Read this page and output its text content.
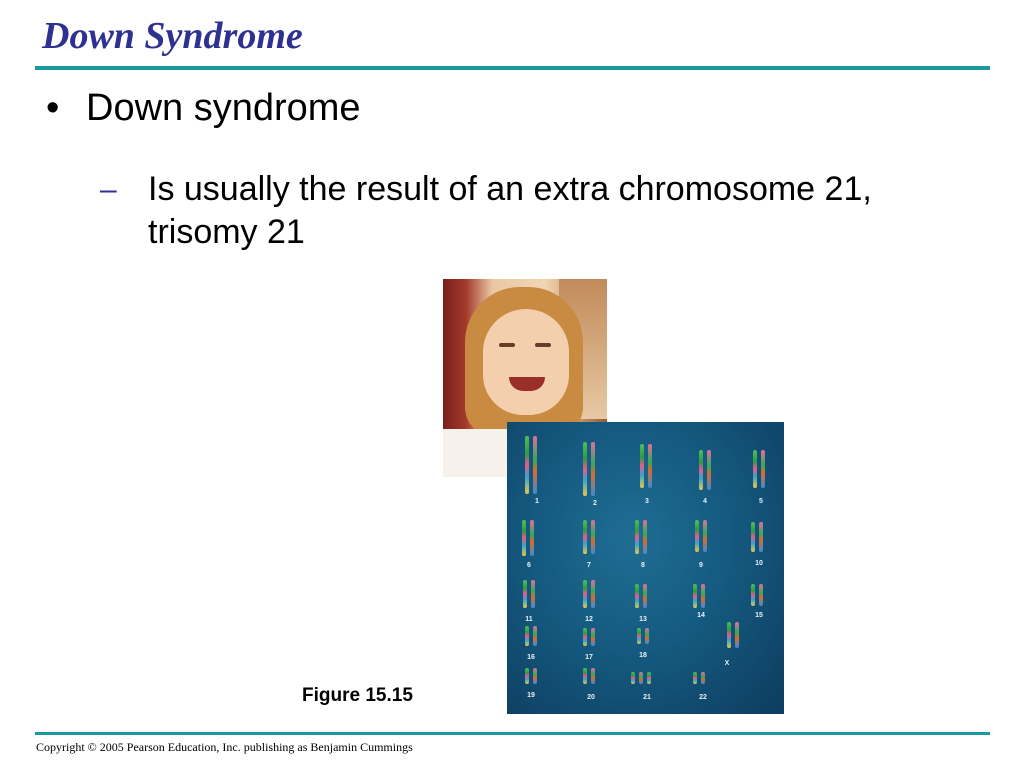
Down Syndrome
• Down syndrome
– Is usually the result of an extra chromosome 21, trisomy 21
1	2	3	4	5
6	7	8	9	10
11	12	13
14	15
16	17	18
X
19	20	21	22
Figure 15.15
Copyright © 2005 Pearson Education, Inc. publishing as Benjamin Cummings
